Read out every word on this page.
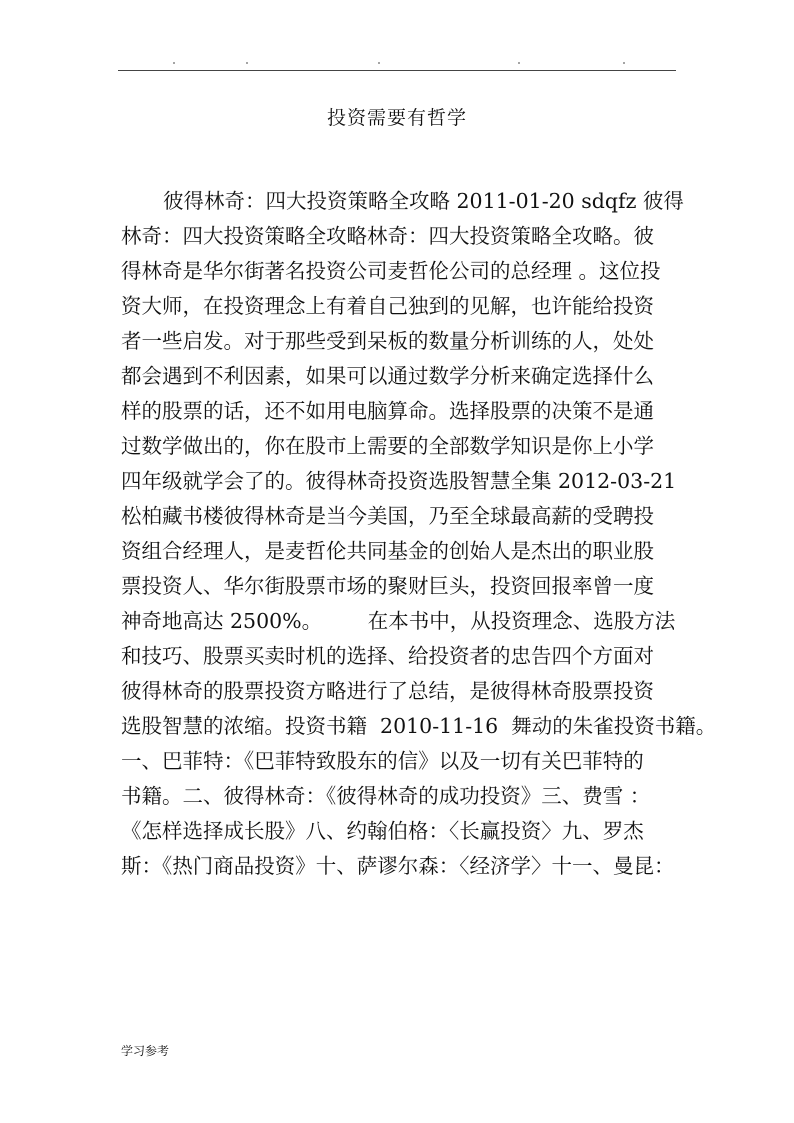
投资需要有哲学
彼得林奇：四大投资策略全攻略 2011-01-20 sdqfz 彼得
林奇：四大投资策略全攻略林奇：四大投资策略全攻略。彼
得林奇是华尔街著名投资公司麦哲伦公司的总经理 。这位投
资大师，在投资理念上有着自己独到的见解，也许能给投资
者一些启发。对于那些受到呆板的数量分析训练的人，处处
都会遇到不利因素，如果可以通过数学分析来确定选择什么
样的股票的话，还不如用电脑算命。选择股票的决策不是通
过数学做出的，你在股市上需要的全部数学知识是你上小学
四年级就学会了的。彼得林奇投资选股智慧全集 2012-03-21
松柏藏书楼彼得林奇是当今美国，乃至全球最高薪的受聘投
资组合经理人，是麦哲伦共同基金的创始人是杰出的职业股
票投资人、华尔街股票市场的聚财巨头，投资回报率曾一度
神奇地高达 2500%。       在本书中，从投资理念、选股方法
和技巧、股票买卖时机的选择、给投资者的忠告四个方面对
彼得林奇的股票投资方略进行了总结，是彼得林奇股票投资
选股智慧的浓缩。投资书籍  2010-11-16  舞动的朱雀投资书籍。
一、巴菲特：《巴菲特致股东的信》以及一切有关巴菲特的
书籍。二、彼得林奇：《彼得林奇的成功投资》三、费雪 ：
《怎样选择成长股》八、约翰伯格：〈长赢投资〉九、罗杰
斯：《热门商品投资》十、萨谬尔森：〈经济学〉十一、曼昆：
学习参考
